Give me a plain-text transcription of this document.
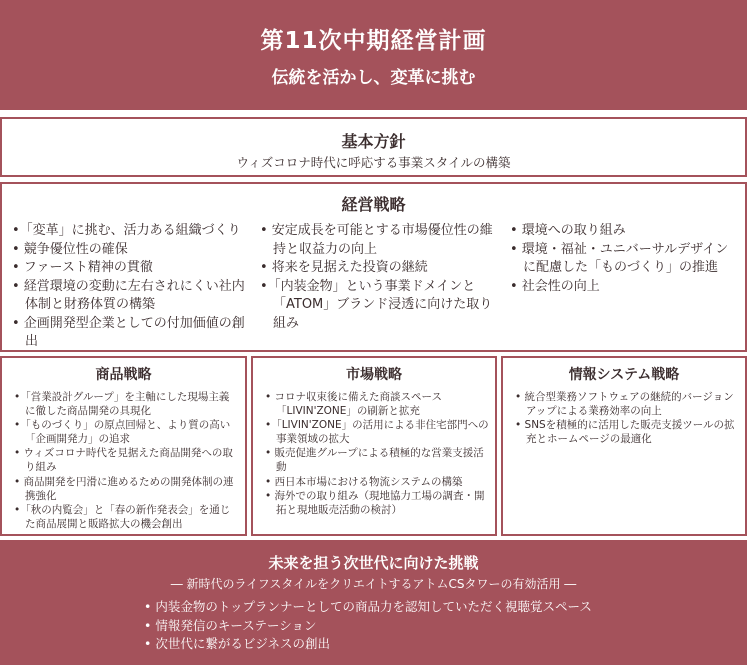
第11次中期経営計画
伝統を活かし、変革に挑む
基本方針
ウィズコロナ時代に呼応する事業スタイルの構築
経営戦略
•「変革」に挑む、活力ある組織づくり
• 競争優位性の確保
• ファースト精神の貫徹
• 経営環境の変動に左右されにくい社内体制と財務体質の構築
• 企画開発型企業としての付加価値の創出
• 安定成長を可能とする市場優位性の維持と収益力の向上
• 将来を見据えた投資の継続
•「内装金物」という事業ドメインと「ATOM」ブランド浸透に向けた取り組み
• 環境への取り組み
• 環境・福祉・ユニバーサルデザインに配慮した「ものづくり」の推進
• 社会性の向上
商品戦略
•「営業設計グループ」を主軸にした現場主義に徹した商品開発の具現化
•「ものづくり」の原点回帰と、より質の高い「企画開発力」の追求
• ウィズコロナ時代を見据えた商品開発への取り組み
• 商品開発を円滑に進めるための開発体制の連携強化
•「秋の内覧会」と「春の新作発表会」を通じた商品展開と販路拡大の機会創出
市場戦略
• コロナ収束後に備えた商談スペース「LIVIN'ZONE」の刷新と拡充
•「LIVIN'ZONE」の活用による非住宅部門への事業領域の拡大
• 販売促進グループによる積極的な営業支援活動
• 西日本市場における物流システムの構築
• 海外での取り組み（現地協力工場の調査・開拓と現地販売活動の検討）
情報システム戦略
• 統合型業務ソフトウェアの継続的バージョンアップによる業務効率の向上
• SNSを積極的に活用した販売支援ツールの拡充とホームページの最適化
未来を担う次世代に向けた挑戦
― 新時代のライフスタイルをクリエイトするアトムCSタワーの有効活用 ―
• 内装金物のトップランナーとしての商品力を認知していただく視聴覚スペース
• 情報発信のキーステーション
• 次世代に繋がるビジネスの創出
